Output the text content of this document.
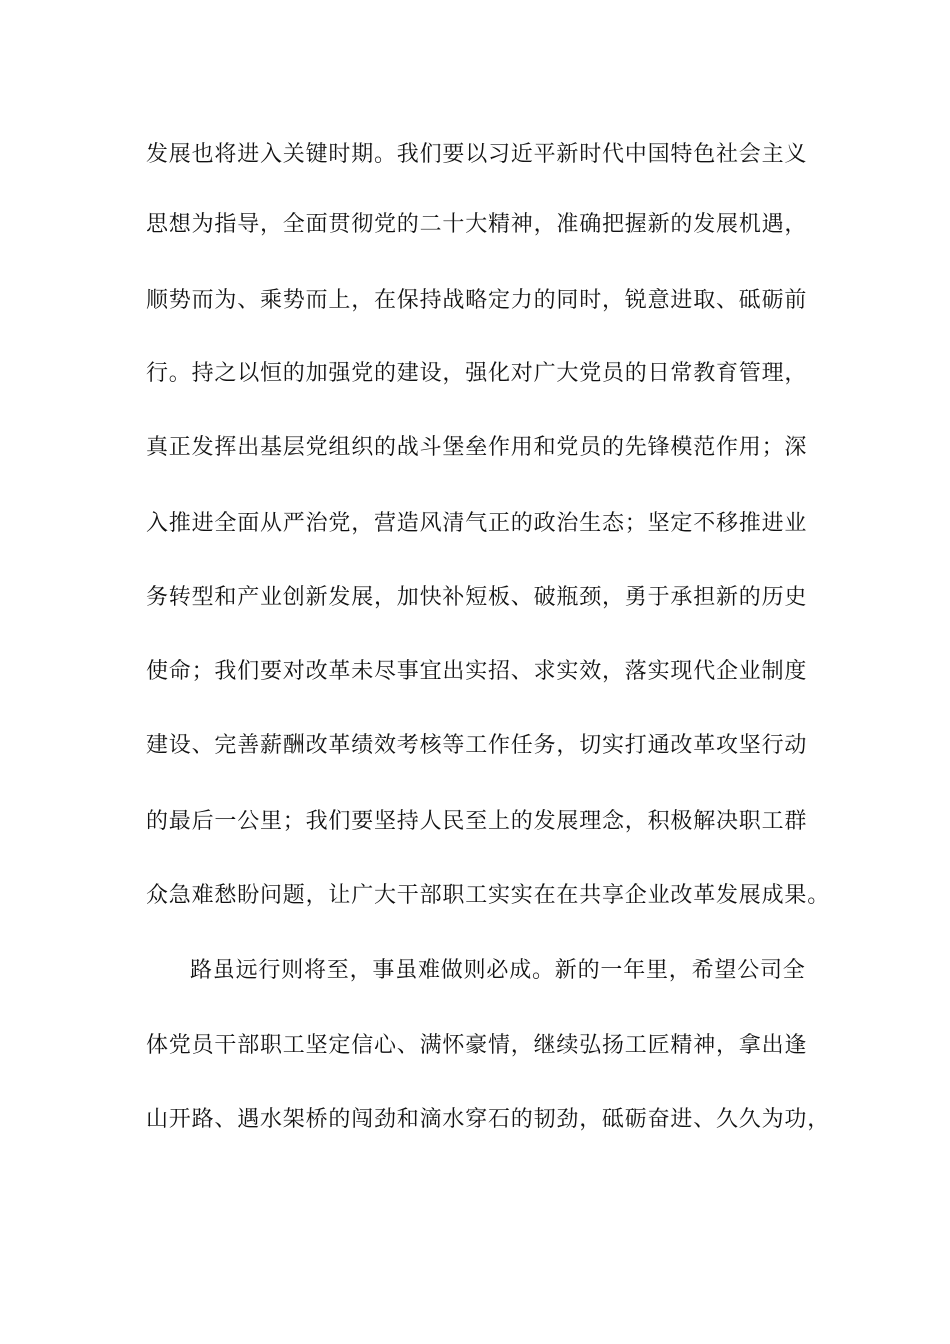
发展也将进入关键时期。我们要以习近平新时代中国特色社会主义
思想为指导，全面贯彻党的二十大精神，准确把握新的发展机遇，
顺势而为、乘势而上，在保持战略定力的同时，锐意进取、砥砺前
行。持之以恒的加强党的建设，强化对广大党员的日常教育管理，
真正发挥出基层党组织的战斗堡垒作用和党员的先锋模范作用；深
入推进全面从严治党，营造风清气正的政治生态；坚定不移推进业
务转型和产业创新发展，加快补短板、破瓶颈，勇于承担新的历史
使命；我们要对改革未尽事宜出实招、求实效，落实现代企业制度
建设、完善薪酬改革绩效考核等工作任务，切实打通改革攻坚行动
的最后一公里；我们要坚持人民至上的发展理念，积极解决职工群
众急难愁盼问题，让广大干部职工实实在在共享企业改革发展成果。
路虽远行则将至，事虽难做则必成。新的一年里，希望公司全
体党员干部职工坚定信心、满怀豪情，继续弘扬工匠精神，拿出逢
山开路、遇水架桥的闯劲和滴水穿石的韧劲，砥砺奋进、久久为功，
